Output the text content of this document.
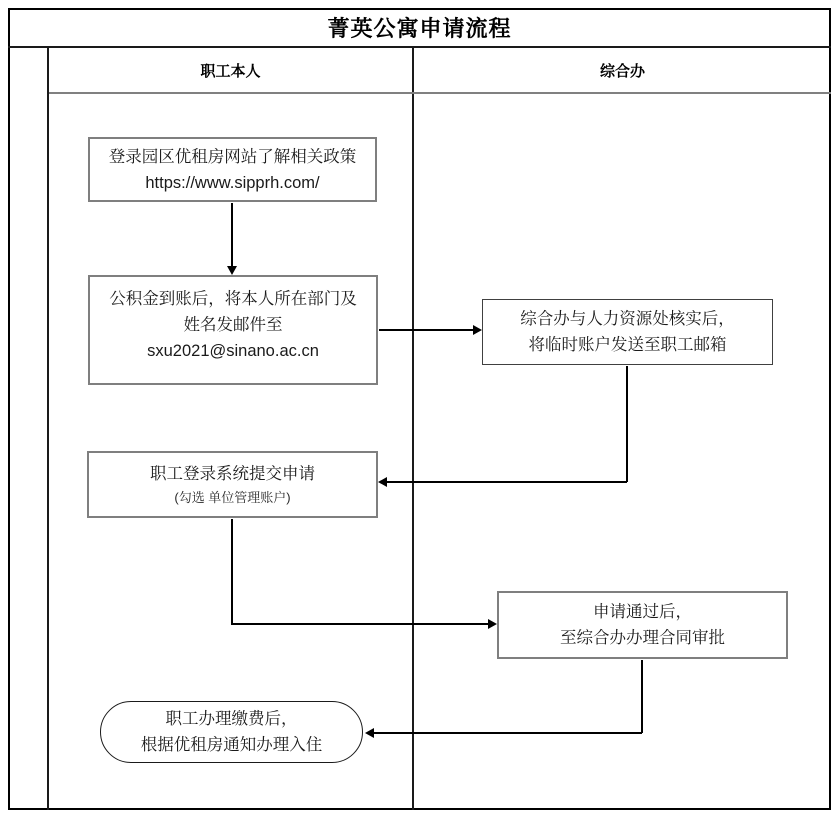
菁英公寓申请流程
职工本人	综合办
登录园区优租房网站了解相关政策
https://www.sipprh.com/
公积金到账后，将本人所在部门及
姓名发邮件至
sxu2021@sinano.ac.cn
综合办与人力资源处核实后，
将临时账户发送至职工邮箱
职工登录系统提交申请
(勾选 单位管理账户)
申请通过后，
至综合办办理合同审批
职工办理缴费后，
根据优租房通知办理入住
